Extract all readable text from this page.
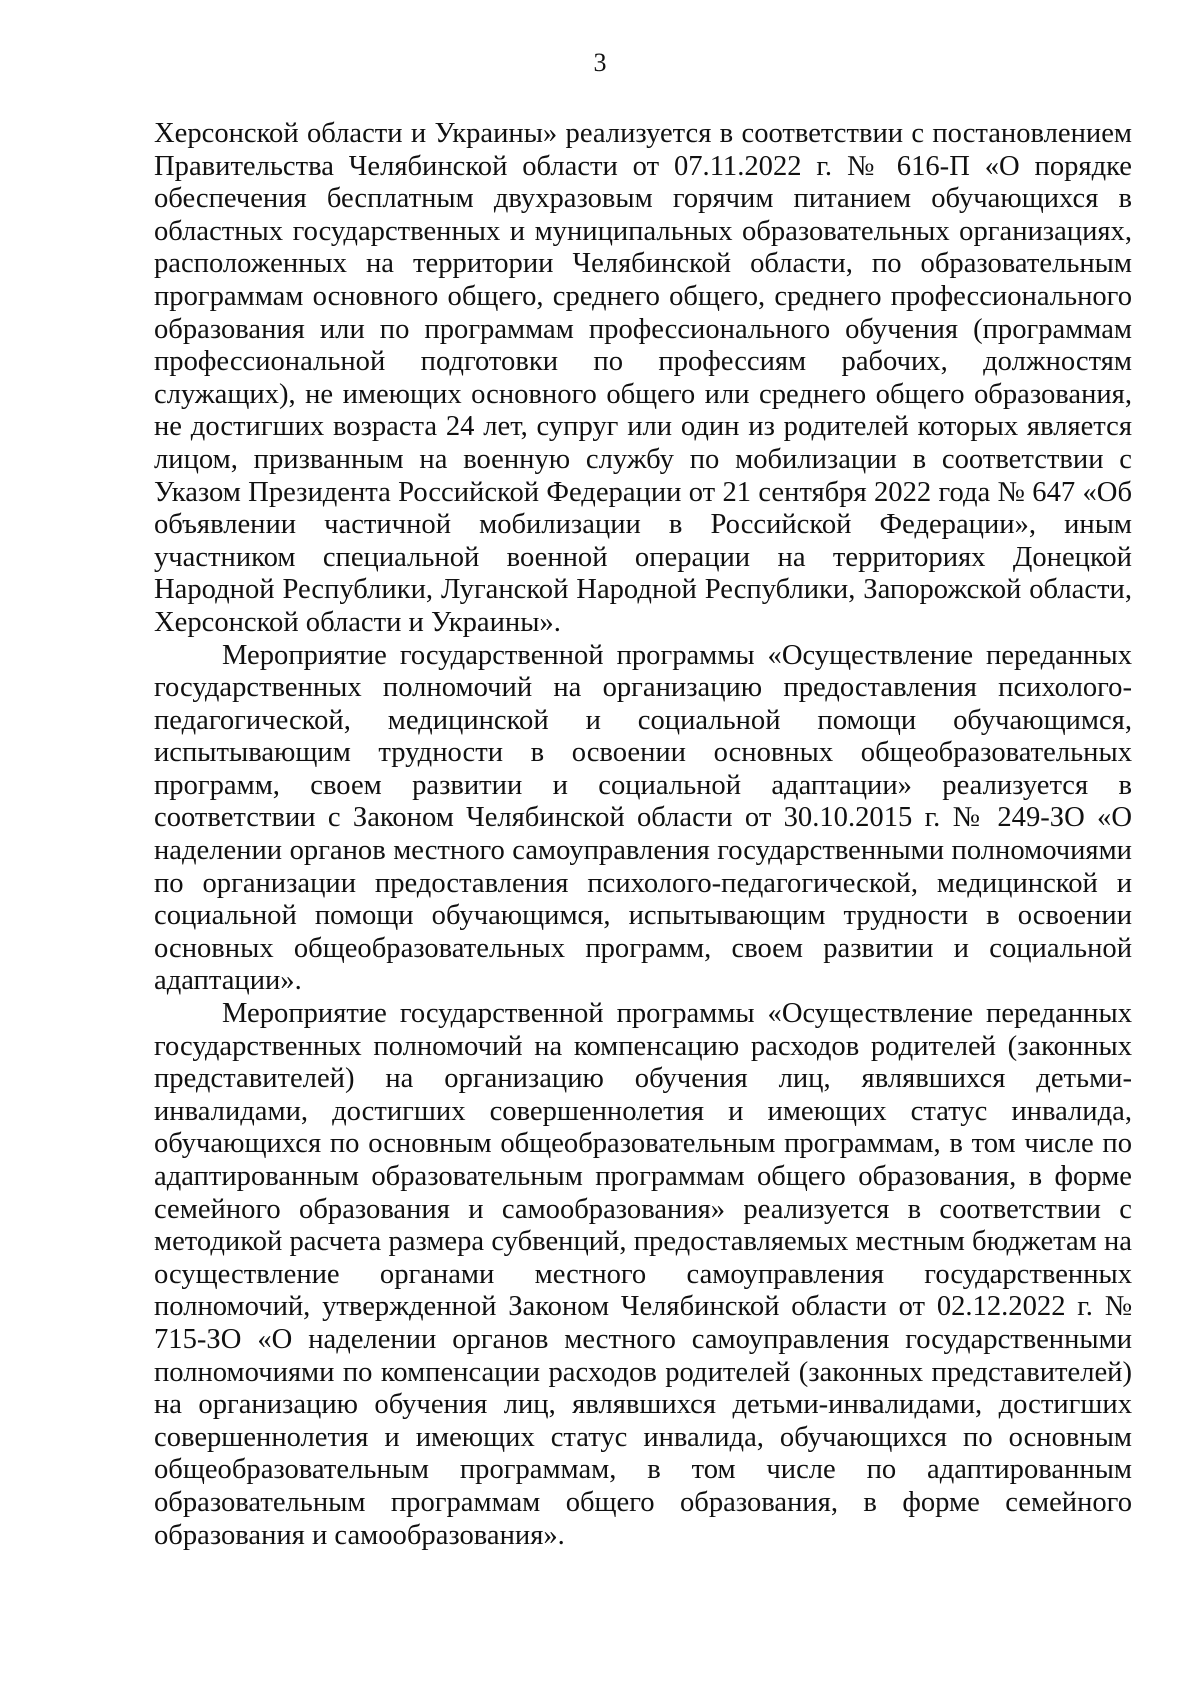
3

Херсонской области и Украины» реализуется в соответствии с постановлением Правительства Челябинской области от 07.11.2022 г. № 616-П «О порядке обеспечения бесплатным двухразовым горячим питанием обучающихся в областных государственных и муниципальных образовательных организациях, расположенных на территории Челябинской области, по образовательным программам основного общего, среднего общего, среднего профессионального образования или по программам профессионального обучения (программам профессиональной подготовки по профессиям рабочих, должностям служащих), не имеющих основного общего или среднего общего образования, не достигших возраста 24 лет, супруг или один из родителей которых является лицом, призванным на военную службу по мобилизации в соответствии с Указом Президента Российской Федерации от 21 сентября 2022 года № 647 «Об объявлении частичной мобилизации в Российской Федерации», иным участником специальной военной операции на территориях Донецкой Народной Республики, Луганской Народной Республики, Запорожской области, Херсонской области и Украины».

Мероприятие государственной программы «Осуществление переданных государственных полномочий на организацию предоставления психолого-педагогической, медицинской и социальной помощи обучающимся, испытывающим трудности в освоении основных общеобразовательных программ, своем развитии и социальной адаптации» реализуется в соответствии с Законом Челябинской области от 30.10.2015 г. № 249-ЗО «О наделении органов местного самоуправления государственными полномочиями по организации предоставления психолого-педагогической, медицинской и социальной помощи обучающимся, испытывающим трудности в освоении основных общеобразовательных программ, своем развитии и социальной адаптации».

Мероприятие государственной программы «Осуществление переданных государственных полномочий на компенсацию расходов родителей (законных представителей) на организацию обучения лиц, являвшихся детьми-инвалидами, достигших совершеннолетия и имеющих статус инвалида, обучающихся по основным общеобразовательным программам, в том числе по адаптированным образовательным программам общего образования, в форме семейного образования и самообразования» реализуется в соответствии с методикой расчета размера субвенций, предоставляемых местным бюджетам на осуществление органами местного самоуправления государственных полномочий, утвержденной Законом Челябинской области от 02.12.2022 г. № 715-ЗО «О наделении органов местного самоуправления государственными полномочиями по компенсации расходов родителей (законных представителей) на организацию обучения лиц, являвшихся детьми-инвалидами, достигших совершеннолетия и имеющих статус инвалида, обучающихся по основным общеобразовательным программам, в том числе по адаптированным образовательным программам общего образования, в форме семейного образования и самообразования».
